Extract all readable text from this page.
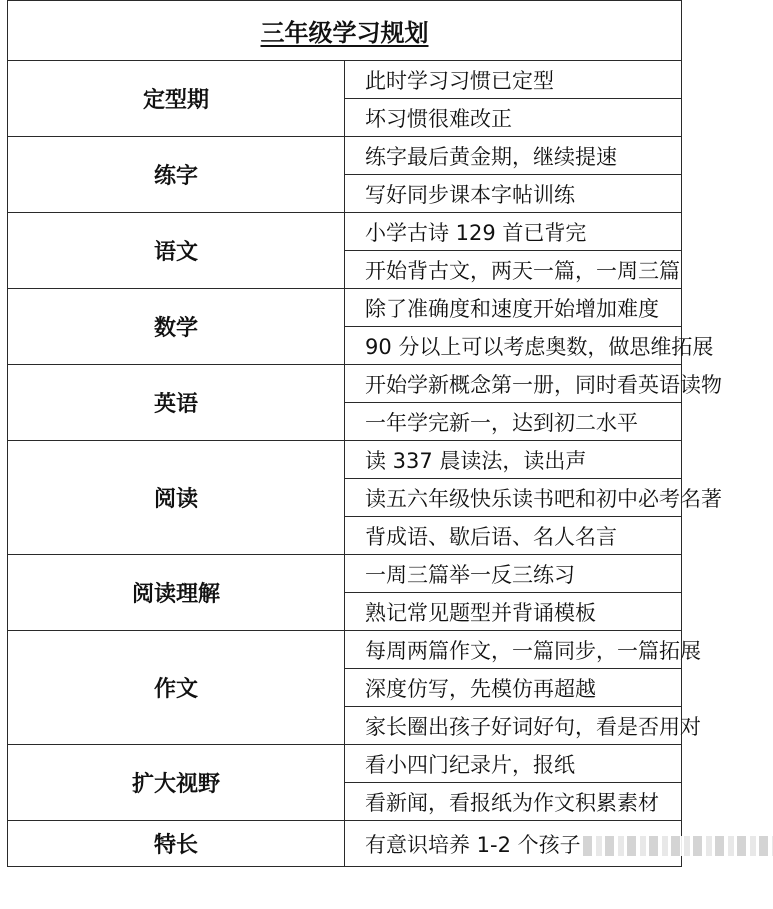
三年级学习规划	
定型期	此时学习习惯已定型
	坏习惯很难改正
练字	练字最后黄金期，继续提速
	写好同步课本字帖训练
语文	小学古诗 129 首已背完
	开始背古文，两天一篇，一周三篇
数学	除了准确度和速度开始增加难度
	90 分以上可以考虑奥数，做思维拓展
英语	开始学新概念第一册，同时看英语读物
	一年学完新一，达到初二水平
阅读	读 337 晨读法，读出声
	读五六年级快乐读书吧和初中必考名著
	背成语、歇后语、名人名言
阅读理解	一周三篇举一反三练习
	熟记常见题型并背诵模板
作文	每周两篇作文，一篇同步，一篇拓展
	深度仿写，先模仿再超越
	家长圈出孩子好词好句，看是否用对
扩大视野	看小四门纪录片，报纸
	看新闻，看报纸为作文积累素材
特长	有意识培养 1-2 个孩子
